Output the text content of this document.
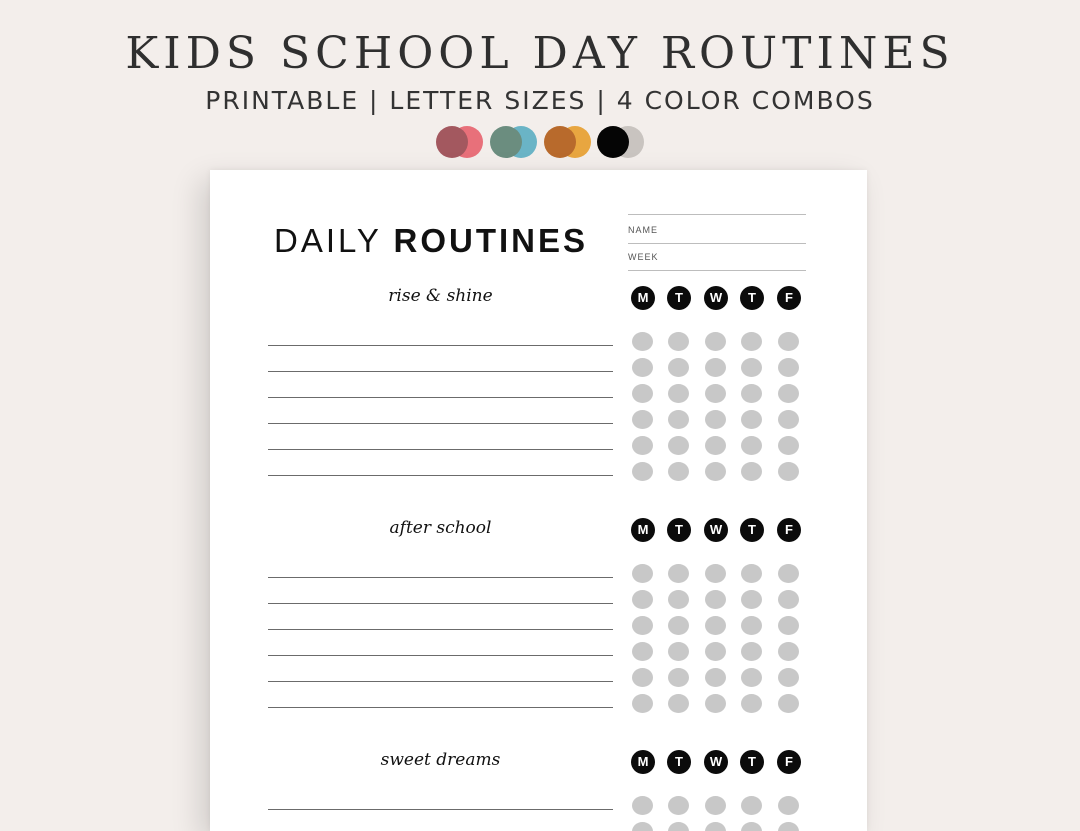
KIDS SCHOOL DAY ROUTINES

PRINTABLE | LETTER SIZES | 4 COLOR COMBOS

DAILY ROUTINES	NAME
WEEK

rise & shine	M	T	W	T	F

after school	M	T	W	T	F

sweet dreams	M	T	W	T	F
